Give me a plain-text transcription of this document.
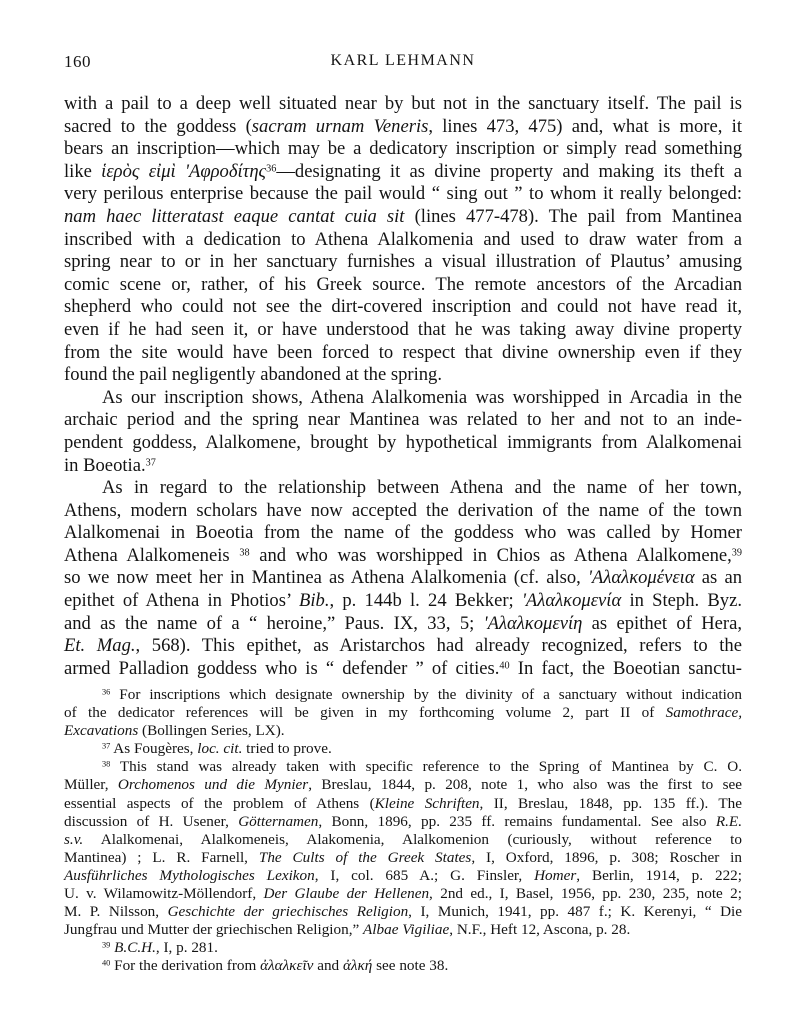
160	KARL LEHMANN
with a pail to a deep well situated near by but not in the sanctuary itself. The pail is
sacred to the goddess (sacram urnam Veneris, lines 473, 475) and, what is more, it
bears an inscription—which may be a dedicatory inscription or simply read something
like ἱερὸς εἰμὶ 'Αφροδίτης$^{36}$—designating it as divine property and making its theft a
very perilous enterprise because the pail would “ sing out ” to whom it really belonged:
nam haec litteratast eaque cantat cuia sit (lines 477-478). The pail from Mantinea
inscribed with a dedication to Athena Alalkomenia and used to draw water from a
spring near to or in her sanctuary furnishes a visual illustration of Plautus’ amusing
comic scene or, rather, of his Greek source. The remote ancestors of the Arcadian
shepherd who could not see the dirt-covered inscription and could not have read it,
even if he had seen it, or have understood that he was taking away divine property
from the site would have been forced to respect that divine ownership even if they
found the pail negligently abandoned at the spring.
As our inscription shows, Athena Alalkomenia was worshipped in Arcadia in the
archaic period and the spring near Mantinea was related to her and not to an inde-
pendent goddess, Alalkomene, brought by hypothetical immigrants from Alalkomenai
in Boeotia.$^{37}$
As in regard to the relationship between Athena and the name of her town,
Athens, modern scholars have now accepted the derivation of the name of the town
Alalkomenai in Boeotia from the name of the goddess who was called by Homer
Athena Alalkomeneis $^{38}$ and who was worshipped in Chios as Athena Alalkomene,$^{39}$
so we now meet her in Mantinea as Athena Alalkomenia (cf. also, 'Αλαλκομένεια as an
epithet of Athena in Photios’ Bib., p. 144b l. 24 Bekker; 'Αλαλκομενία in Steph. Byz.
and as the name of a “ heroine,” Paus. IX, 33, 5; 'Αλαλκομενίη as epithet of Hera,
Et. Mag., 568). This epithet, as Aristarchos had already recognized, refers to the
armed Palladion goddess who is “ defender ” of cities.$^{40}$ In fact, the Boeotian sanctu-
$^{36}$ For inscriptions which designate ownership by the divinity of a sanctuary without indication
of the dedicator references will be given in my forthcoming volume 2, part II of Samothrace,
Excavations (Bollingen Series, LX).
$^{37}$ As Fougères, loc. cit. tried to prove.
$^{38}$ This stand was already taken with specific reference to the Spring of Mantinea by C. O.
Müller, Orchomenos und die Mynier, Breslau, 1844, p. 208, note 1, who also was the first to see
essential aspects of the problem of Athens (Kleine Schriften, II, Breslau, 1848, pp. 135 ff.). The
discussion of H. Usener, Götternamen, Bonn, 1896, pp. 235 ff. remains fundamental. See also R.E.
s.v. Alalkomenai, Alalkomeneis, Alakomenia, Alalkomenion (curiously, without reference to
Mantinea) ; L. R. Farnell, The Cults of the Greek States, I, Oxford, 1896, p. 308; Roscher in
Ausführliches Mythologisches Lexikon, I, col. 685 A.; G. Finsler, Homer, Berlin, 1914, p. 222;
U. v. Wilamowitz-Möllendorf, Der Glaube der Hellenen, 2nd ed., I, Basel, 1956, pp. 230, 235, note 2;
M. P. Nilsson, Geschichte der griechisches Religion, I, Munich, 1941, pp. 487 f.; K. Kerenyi, “ Die
Jungfrau und Mutter der griechischen Religion,” Albae Vigiliae, N.F., Heft 12, Ascona, p. 28.
$^{39}$ B.C.H., I, p. 281.
$^{40}$ For the derivation from ἀλαλκεῖν and ἀλκή see note 38.
